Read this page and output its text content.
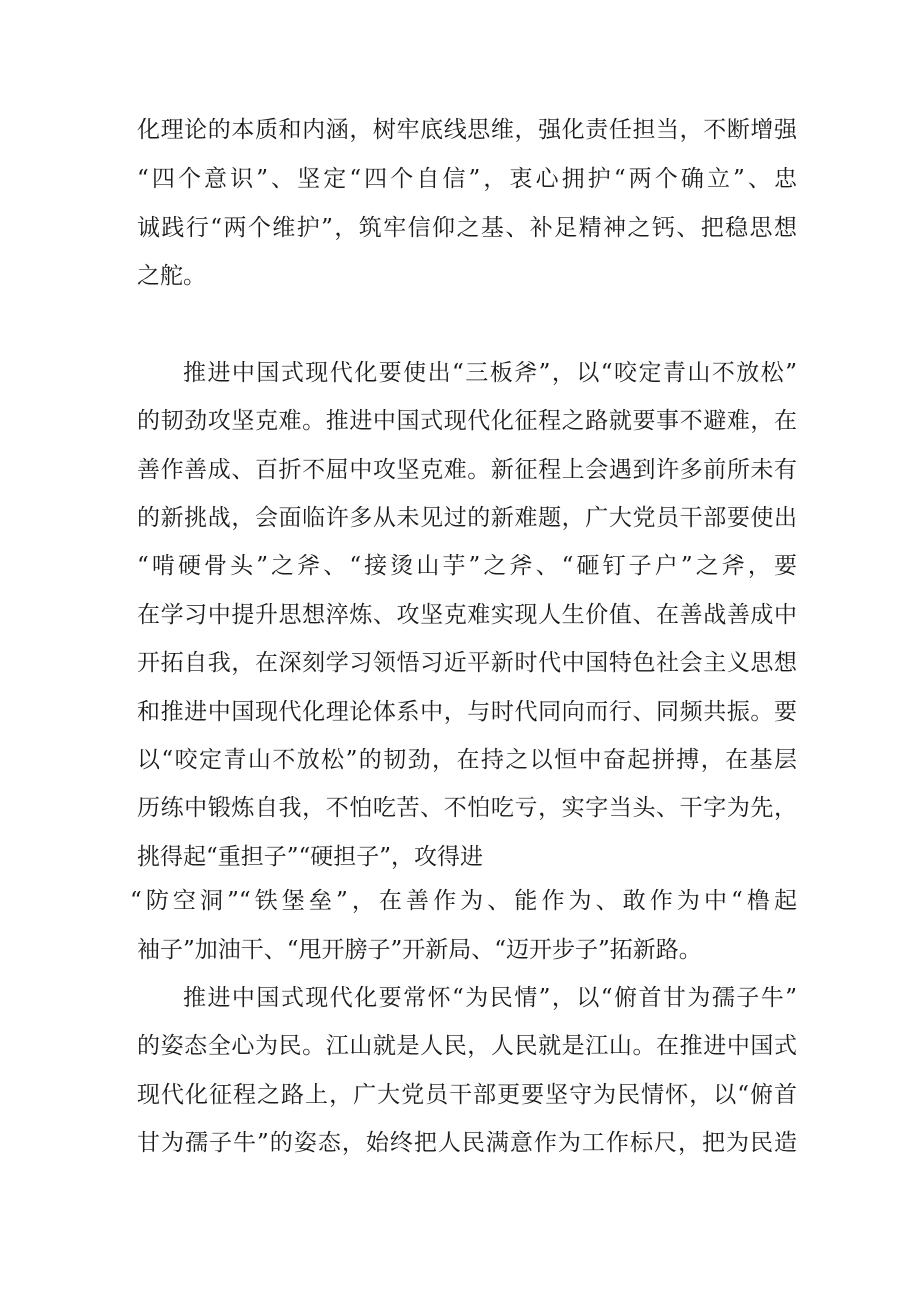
化理论的本质和内涵，树牢底线思维，强化责任担当，不断增强
“四个意识”、坚定“四个自信”，衷心拥护“两个确立”、忠
诚践行“两个维护”，筑牢信仰之基、补足精神之钙、把稳思想
之舵。
推进中国式现代化要使出“三板斧”，以“咬定青山不放松”
的韧劲攻坚克难。推进中国式现代化征程之路就要事不避难，在
善作善成、百折不屈中攻坚克难。新征程上会遇到许多前所未有
的新挑战，会面临许多从未见过的新难题，广大党员干部要使出
“啃硬骨头”之斧、“接烫山芋”之斧、“砸钉子户”之斧，要
在学习中提升思想淬炼、攻坚克难实现人生价值、在善战善成中
开拓自我，在深刻学习领悟习近平新时代中国特色社会主义思想
和推进中国现代化理论体系中，与时代同向而行、同频共振。要
以“咬定青山不放松”的韧劲，在持之以恒中奋起拼搏，在基层
历练中锻炼自我，不怕吃苦、不怕吃亏，实字当头、干字为先，
挑得起“重担子”“硬担子”，攻得进
“防空洞”“铁堡垒”，在善作为、能作为、敢作为中“橹起
袖子”加油干、“甩开膀子”开新局、“迈开步子”拓新路。
推进中国式现代化要常怀“为民情”，以“俯首甘为孺子牛”
的姿态全心为民。江山就是人民，人民就是江山。在推进中国式
现代化征程之路上，广大党员干部更要坚守为民情怀，以“俯首
甘为孺子牛”的姿态，始终把人民满意作为工作标尺，把为民造
